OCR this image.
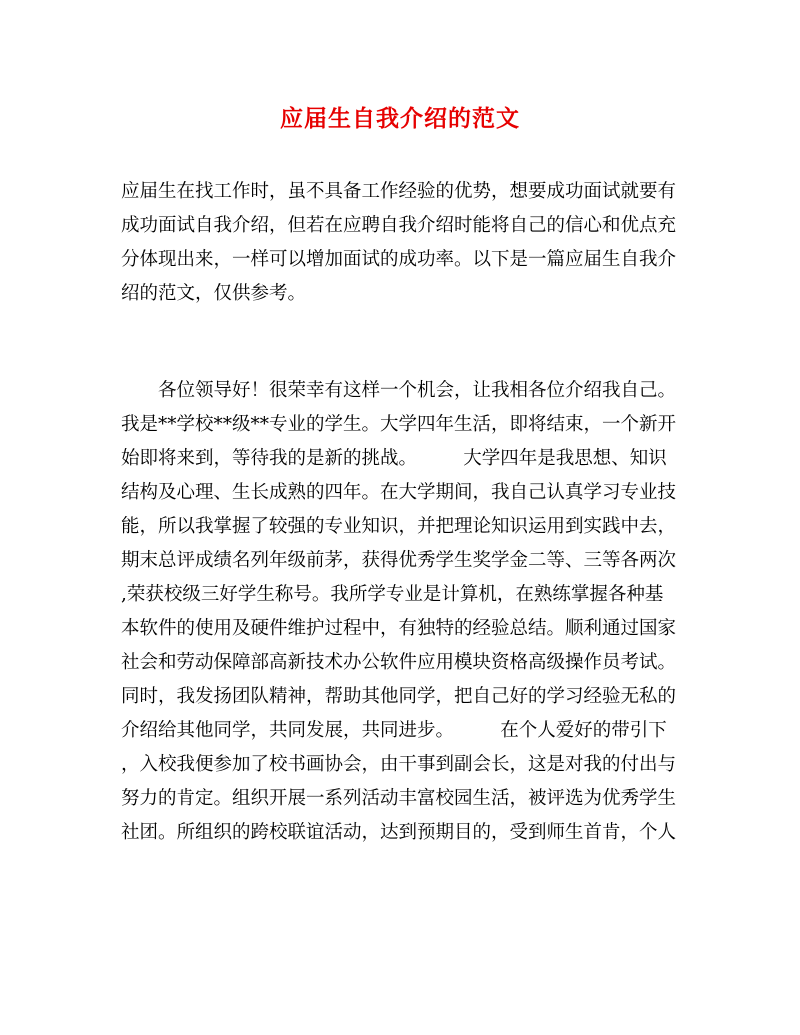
应届生自我介绍的范文
应届生在找工作时，虽不具备工作经验的优势，想要成功面试就要有
成功面试自我介绍，但若在应聘自我介绍时能将自己的信心和优点充
分体现出来，一样可以增加面试的成功率。以下是一篇应届生自我介
绍的范文，仅供参考。
　　各位领导好！很荣幸有这样一个机会，让我相各位介绍我自己。
我是**学校**级**专业的学生。大学四年生活，即将结束，一个新开
始即将来到，等待我的是新的挑战。　　　大学四年是我思想、知识
结构及心理、生长成熟的四年。在大学期间，我自己认真学习专业技
能，所以我掌握了较强的专业知识，并把理论知识运用到实践中去，
期末总评成绩名列年级前茅，获得优秀学生奖学金二等、三等各两次
,荣获校级三好学生称号。我所学专业是计算机，在熟练掌握各种基
本软件的使用及硬件维护过程中，有独特的经验总结。顺利通过国家
社会和劳动保障部高新技术办公软件应用模块资格高级操作员考试。
同时，我发扬团队精神，帮助其他同学，把自己好的学习经验无私的
介绍给其他同学，共同发展，共同进步。　　　在个人爱好的带引下
，入校我便参加了校书画协会，由干事到副会长，这是对我的付出与
努力的肯定。组织开展一系列活动丰富校园生活，被评选为优秀学生
社团。所组织的跨校联谊活动，达到预期目的，受到师生首肯，个人
